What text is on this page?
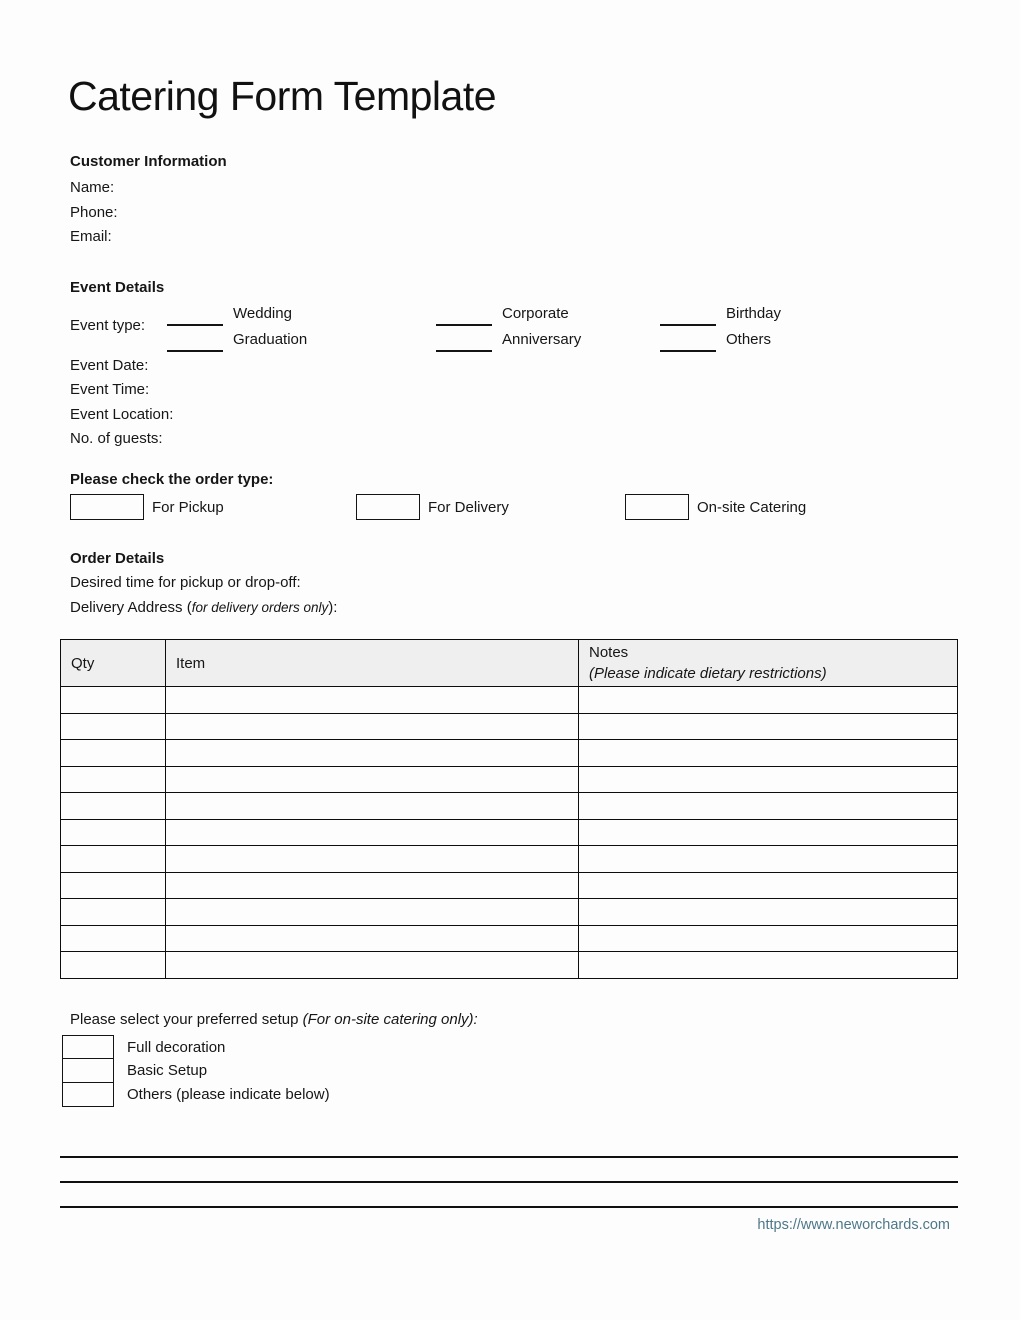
Catering Form Template
Customer Information
Name:
Phone:
Email:
Event Details
Event type:
Wedding	Corporate	Birthday
Graduation	Anniversary	Others
Event Date:
Event Time:
Event Location:
No. of guests:
Please check the order type:
For Pickup	For Delivery	On-site Catering
Order Details
Desired time for pickup or drop-off:
Delivery Address (for delivery orders only):
Qty	Item	Notes
(Please indicate dietary restrictions)

Please select your preferred setup (For on-site catering only):
Full decoration
Basic Setup
Others (please indicate below)
https://www.neworchards.com
